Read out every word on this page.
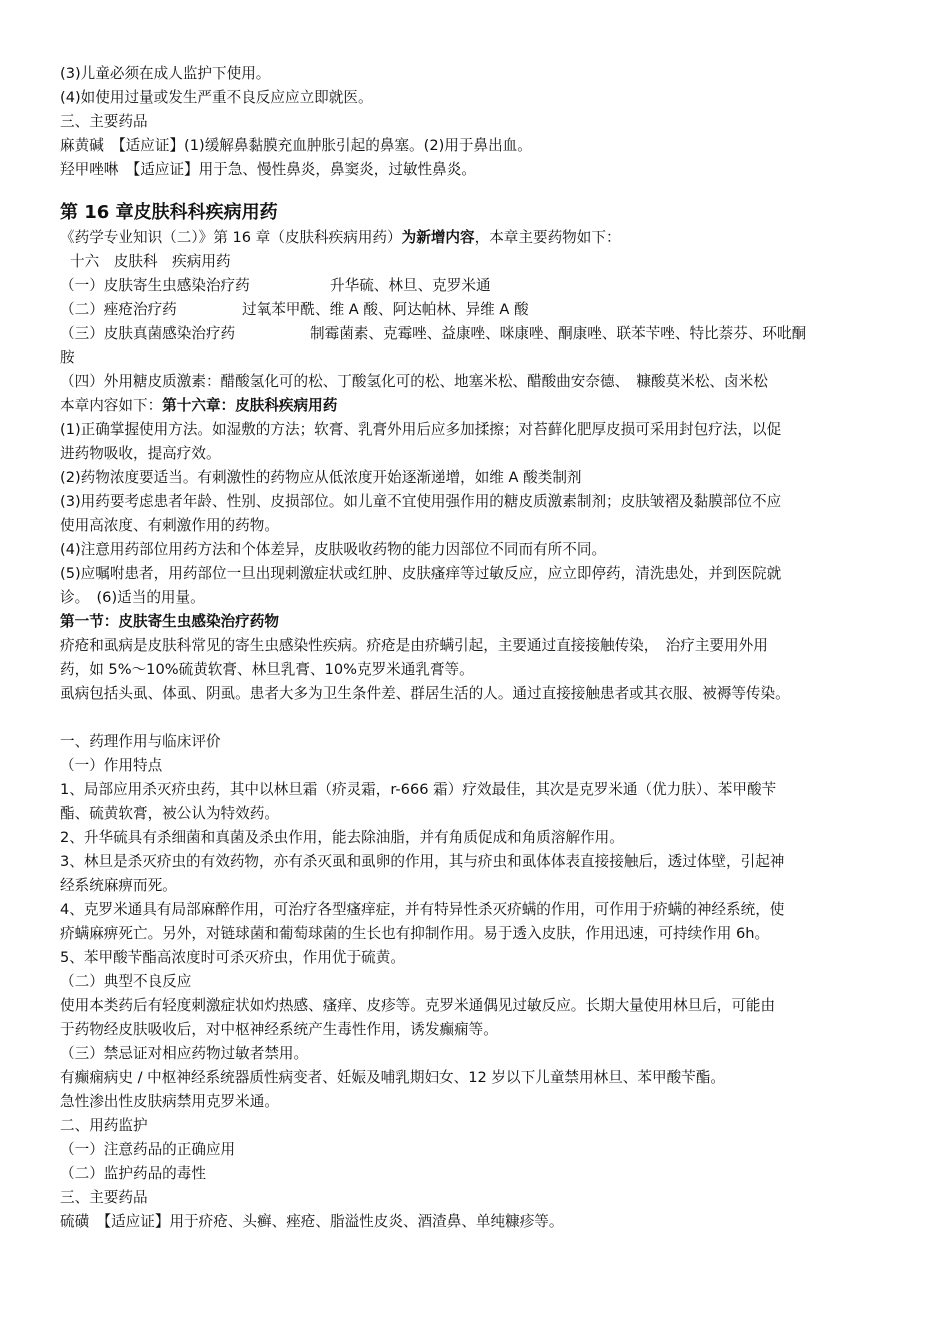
(3)儿童必须在成人监护下使用。
(4)如使用过量或发生严重不良反应应立即就医。
三、主要药品
麻黄碱　【适应证】(1)缓解鼻黏膜充血肿胀引起的鼻塞。(2)用于鼻出血。
羟甲唑啉　【适应证】用于急、慢性鼻炎，鼻窦炎，过敏性鼻炎。
第 16 章皮肤科科疾病用药
《药学专业知识（二）》第 16 章（皮肤科疾病用药）为新增内容，本章主要药物如下：
十六　皮肤科　疾病用药
（一）皮肤寄生虫感染治疗药	升华硫、林旦、克罗米通
（二）痤疮治疗药	过氧苯甲酰、维 A 酸、阿达帕林、异维 A 酸
（三）皮肤真菌感染治疗药	制霉菌素、克霉唑、益康唑、咪康唑、酮康唑、联苯苄唑、特比萘芬、环吡酮
胺
（四）外用糖皮质激素：醋酸氢化可的松、丁酸氢化可的松、地塞米松、醋酸曲安奈德、　糠酸莫米松、卤米松
本章内容如下：第十六章：皮肤科疾病用药
(1)正确掌握使用方法。如湿敷的方法；软膏、乳膏外用后应多加揉擦；对苔藓化肥厚皮损可采用封包疗法，以促
进药物吸收，提高疗效。
(2)药物浓度要适当。有刺激性的药物应从低浓度开始逐渐递增，如维 A 酸类制剂
(3)用药要考虑患者年龄、性别、皮损部位。如儿童不宜使用强作用的糖皮质激素制剂；皮肤皱褶及黏膜部位不应
使用高浓度、有刺激作用的药物。
(4)注意用药部位用药方法和个体差异，皮肤吸收药物的能力因部位不同而有所不同。
(5)应嘱咐患者，用药部位一旦出现刺激症状或红肿、皮肤瘙痒等过敏反应，应立即停药，清洗患处，并到医院就
诊。　(6)适当的用量。
第一节：皮肤寄生虫感染治疗药物
疥疮和虱病是皮肤科常见的寄生虫感染性疾病。疥疮是由疥螨引起，主要通过直接接触传染，　治疗主要用外用
药，如 5%～10%硫黄软膏、林旦乳膏、10%克罗米通乳膏等。
虱病包括头虱、体虱、阴虱。患者大多为卫生条件差、群居生活的人。通过直接接触患者或其衣服、被褥等传染。
一、药理作用与临床评价
（一）作用特点
1、局部应用杀灭疥虫药，其中以林旦霜（疥灵霜，r-666 霜）疗效最佳，其次是克罗米通（优力肤）、苯甲酸苄
酯、硫黄软膏，被公认为特效药。
2、升华硫具有杀细菌和真菌及杀虫作用，能去除油脂，并有角质促成和角质溶解作用。
3、林旦是杀灭疥虫的有效药物，亦有杀灭虱和虱卵的作用，其与疥虫和虱体体表直接接触后，透过体壁，引起神
经系统麻痹而死。
4、克罗米通具有局部麻醉作用，可治疗各型瘙痒症，并有特异性杀灭疥螨的作用，可作用于疥螨的神经系统，使
疥螨麻痹死亡。另外，对链球菌和葡萄球菌的生长也有抑制作用。易于透入皮肤，作用迅速，可持续作用 6h。
5、苯甲酸苄酯高浓度时可杀灭疥虫，作用优于硫黄。
（二）典型不良反应
使用本类药后有轻度刺激症状如灼热感、瘙痒、皮疹等。克罗米通偶见过敏反应。长期大量使用林旦后，可能由
于药物经皮肤吸收后，对中枢神经系统产生毒性作用，诱发癫痫等。
（三）禁忌证对相应药物过敏者禁用。
有癫痫病史 / 中枢神经系统器质性病变者、妊娠及哺乳期妇女、12 岁以下儿童禁用林旦、苯甲酸苄酯。
急性渗出性皮肤病禁用克罗米通。
二、用药监护
（一）注意药品的正确应用
（二）监护药品的毒性
三、主要药品
硫磺　【适应证】用于疥疮、头癣、痤疮、脂溢性皮炎、酒渣鼻、单纯糠疹等。
